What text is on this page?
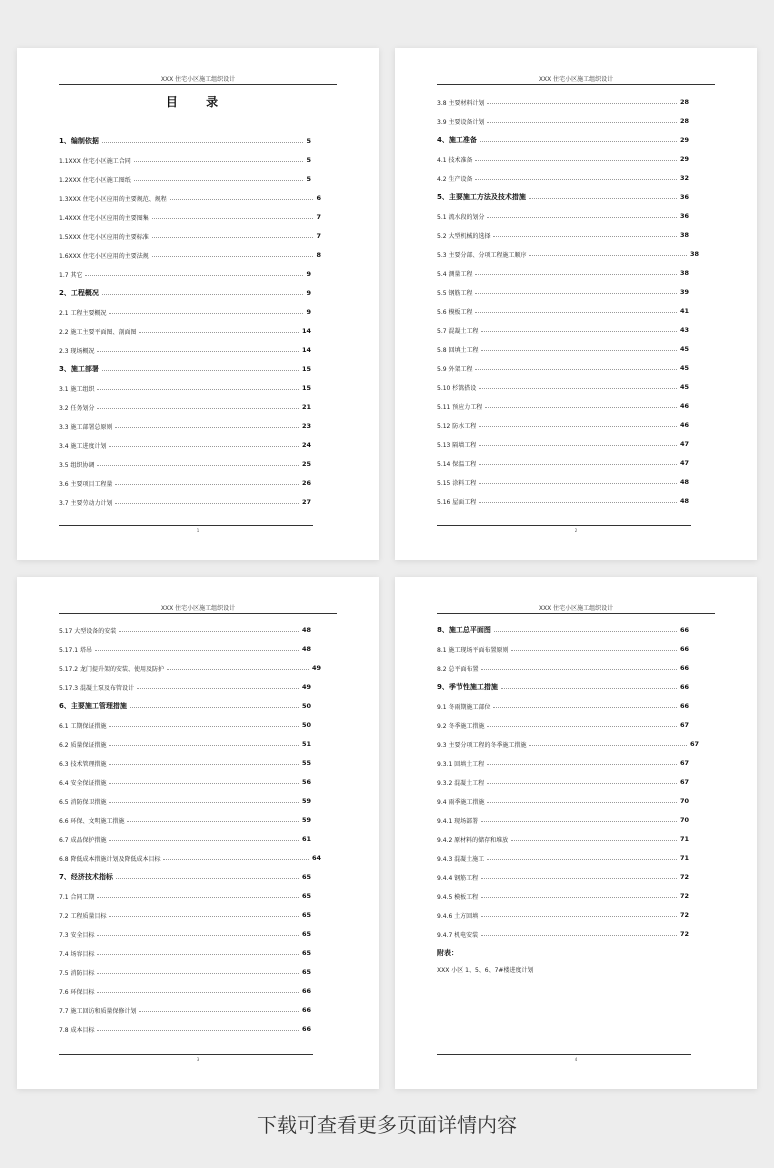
XXX 住宅小区施工组织设计
目 录
1、编制依据	5
1.1XXX 住宅小区施工合同	5
1.2XXX 住宅小区施工图纸	5
1.3XXX 住宅小区应用的主要规范、规程	6
1.4XXX 住宅小区应用的主要图集	7
1.5XXX 住宅小区应用的主要标准	7
1.6XXX 住宅小区应用的主要法规	8
1.7 其它	9
2、工程概况	9
2.1 工程主要概况	9
2.2 施工主要平面图、剖面图	14
2.3 现场概况	14
3、施工部署	15
3.1 施工组织	15
3.2 任务划分	21
3.3 施工部署总原则	23
3.4 施工进度计划	24
3.5 组织协调	25
3.6 主要项目工程量	26
3.7 主要劳动力计划	27
1
XXX 住宅小区施工组织设计
3.8 主要材料计划	28
3.9 主要设备计划	28
4、施工准备	29
4.1 技术准备	29
4.2 生产设备	32
5、主要施工方法及技术措施	36
5.1 流水段的划分	36
5.2 大型机械的选择	38
5.3 主要分部、分项工程施工顺序	38
5.4 测量工程	38
5.5 钢筋工程	39
5.6 模板工程	41
5.7 混凝土工程	43
5.8 回填土工程	45
5.9 外架工程	45
5.10 杉篙搭设	45
5.11 预应力工程	46
5.12 防水工程	46
5.13 隔墙工程	47
5.14 保温工程	47
5.15 涂料工程	48
5.16 屋面工程	48
2
XXX 住宅小区施工组织设计
5.17 大型设备的安装	48
5.17.1 塔吊	48
5.17.2 龙门提升架的安装、使用及防护	49
5.17.3 混凝土泵及布管设计	49
6、主要施工管理措施	50
6.1 工期保证措施	50
6.2 质量保证措施	51
6.3 技术管理措施	55
6.4 安全保证措施	56
6.5 消防保卫措施	59
6.6 环保、文明施工措施	59
6.7 成品保护措施	61
6.8 降低成本措施计划及降低成本目标	64
7、经济技术指标	65
7.1 合同工期	65
7.2 工程质量目标	65
7.3 安全目标	65
7.4 场容目标	65
7.5 消防目标	65
7.6 环保目标	66
7.7 施工回访和质量保修计划	66
7.8 成本目标	66
3
XXX 住宅小区施工组织设计
8、施工总平面图	66
8.1 施工现场平面布置原则	66
8.2 总平面布置	66
9、季节性施工措施	66
9.1 冬雨期施工部位	66
9.2 冬季施工措施	67
9.3 主要分项工程的冬季施工措施	67
9.3.1 回填土工程	67
9.3.2 混凝土工程	67
9.4 雨季施工措施	70
9.4.1 现场部署	70
9.4.2 原材料的储存和堆放	71
9.4.3 混凝土施工	71
9.4.4 钢筋工程	72
9.4.5 模板工程	72
9.4.6 土方回填	72
9.4.7 机电安装	72
附表：
XXX 小区 1、5、6、7#楼进度计划
4
下载可查看更多页面详情内容
